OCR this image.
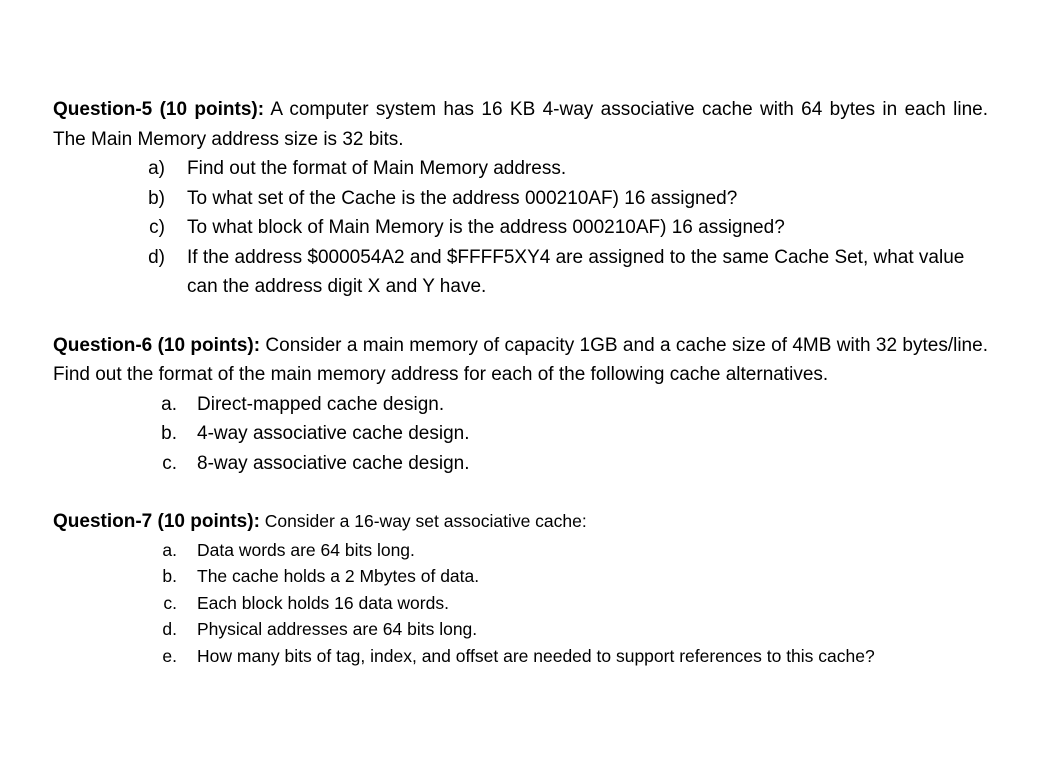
Question-5 (10 points): A computer system has 16 KB 4-way associative cache with 64 bytes in each line. The Main Memory address size is 32 bits.

a)	Find out the format of Main Memory address.
b)	To what set of the Cache is the address 000210AF) 16 assigned?
c)	To what block of Main Memory is the address 000210AF) 16 assigned?
d)	If the address $000054A2 and $FFFF5XY4 are assigned to the same Cache Set, what value can the address digit X and Y have.

Question-6 (10 points): Consider a main memory of capacity 1GB and a cache size of 4MB with 32 bytes/line. Find out the format of the main memory address for each of the following cache alternatives.

a.	Direct-mapped cache design.
b.	4-way associative cache design.
c.	8-way associative cache design.

Question-7 (10 points): Consider a 16-way set associative cache:

a.	Data words are 64 bits long.
b.	The cache holds a 2 Mbytes of data.
c.	Each block holds 16 data words.
d.	Physical addresses are 64 bits long.
e.	How many bits of tag, index, and offset are needed to support references to this cache?
